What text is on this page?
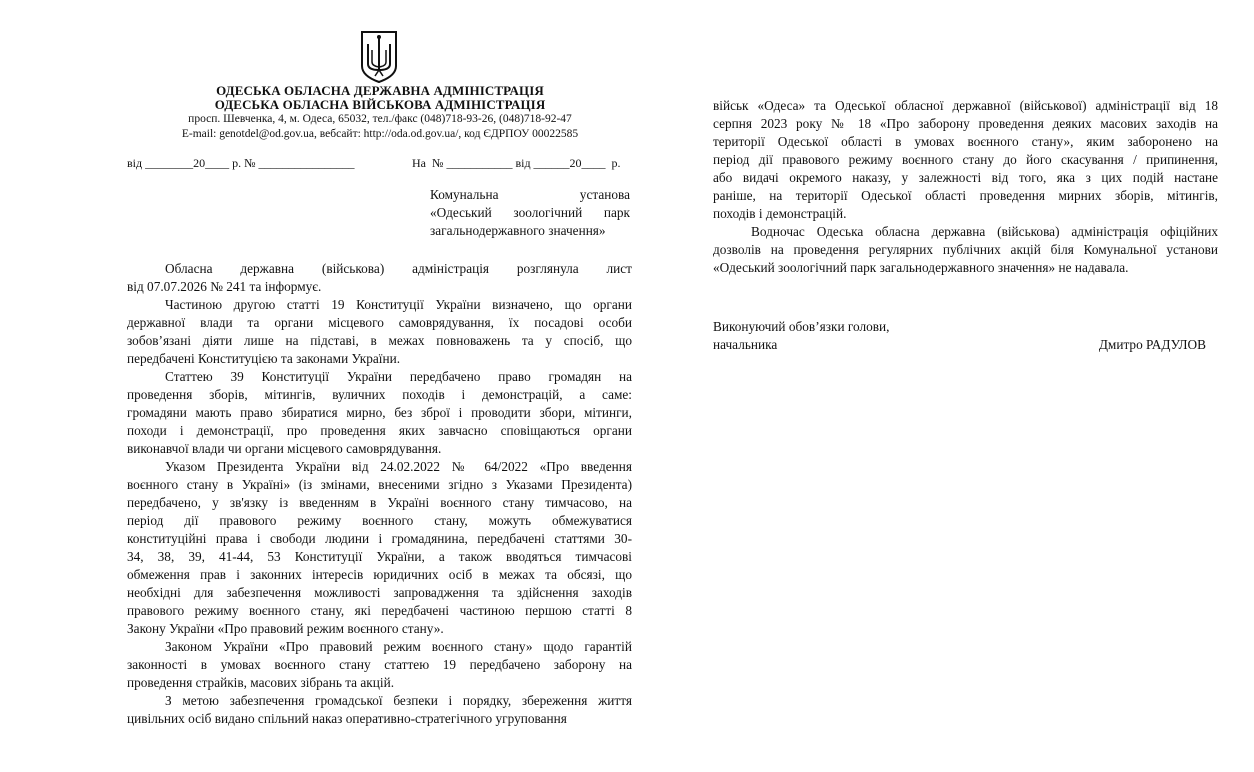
ОДЕСЬКА ОБЛАСНА ДЕРЖАВНА АДМІНІСТРАЦІЯ
ОДЕСЬКА ОБЛАСНА ВІЙСЬКОВА АДМІНІСТРАЦІЯ
просп. Шевченка, 4, м. Одеса, 65032, тел./факс (048)718-93-26, (048)718-92-47
E-mail: genotdel@od.gov.ua, вебсайт: http://oda.od.gov.ua/, код ЄДРПОУ 00022585
від ________20____ р. № ________________	На  № ___________ від ______20____  р.
Комунальна установа
«Одеський зоологічний парк
загальнодержавного значення»
Обласна державна (військова) адміністрація розглянула лист
від 07.07.2026 № 241 та інформує.
Частиною другою статті 19 Конституції України визначено, що органи
державної влади та органи місцевого самоврядування, їх посадові особи
зобов’язані діяти лише на підставі, в межах повноважень та у спосіб, що
передбачені Конституцією та законами України.
Статтею 39 Конституції України передбачено право громадян на
проведення зборів, мітингів, вуличних походів і демонстрацій, а саме:
громадяни мають право збиратися мирно, без зброї і проводити збори, мітинги,
походи і демонстрації, про проведення яких завчасно сповіщаються органи
виконавчої влади чи органи місцевого самоврядування.
Указом Президента України від 24.02.2022 № 64/2022 «Про введення
воєнного стану в Україні» (із змінами, внесеними згідно з Указами Президента)
передбачено, у зв'язку із введенням в Україні воєнного стану тимчасово, на
період дії правового режиму воєнного стану, можуть обмежуватися
конституційні права і свободи людини і громадянина, передбачені статтями 30-
34, 38, 39, 41-44, 53 Конституції України, а також вводяться тимчасові
обмеження прав і законних інтересів юридичних осіб в межах та обсязі, що
необхідні для забезпечення можливості запровадження та здійснення заходів
правового режиму воєнного стану, які передбачені частиною першою статті 8
Закону України «Про правовий режим воєнного стану».
Законом України «Про правовий режим воєнного стану» щодо гарантій
законності в умовах воєнного стану статтею 19 передбачено заборону на
проведення страйків, масових зібрань та акцій.
З метою забезпечення громадської безпеки і порядку, збереження життя
цивільних осіб видано спільний наказ оперативно-стратегічного угруповання
військ «Одеса» та Одеської обласної державної (військової) адміністрації від 18
серпня 2023 року № 18 «Про заборону проведення деяких масових заходів на
території Одеської області в умовах воєнного стану», яким заборонено на
період дії правового режиму воєнного стану до його скасування / припинення,
або видачі окремого наказу, у залежності від того, яка з цих подій настане
раніше, на території Одеської області проведення мирних зборів, мітингів,
походів і демонстрацій.
Водночас Одеська обласна державна (військова) адміністрація офіційних
дозволів на проведення регулярних публічних акцій біля Комунальної установи
«Одеський зоологічний парк загальнодержавного значення» не надавала.
Виконуючий обов’язки голови,
начальника	Дмитро РАДУЛОВ
